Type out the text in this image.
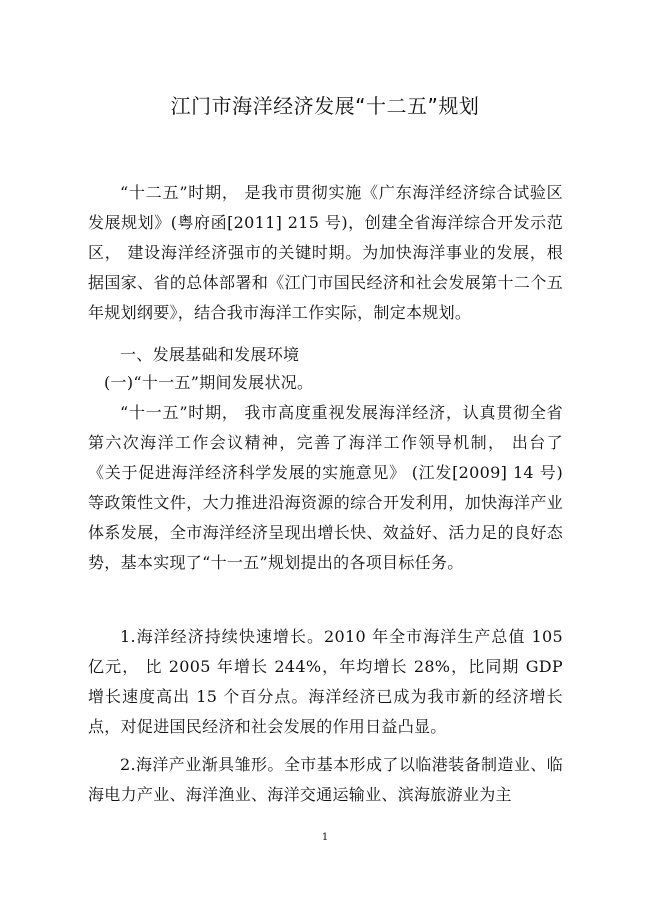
江门市海洋经济发展“十二五”规划
“十二五”时期， 是我市贯彻实施《广东海洋经济综合试验区发展规划》(粤府函[2011] 215 号)，创建全省海洋综合开发示范区， 建设海洋经济强市的关键时期。为加快海洋事业的发展，根据国家、省的总体部署和《江门市国民经济和社会发展第十二个五年规划纲要》，结合我市海洋工作实际，制定本规划。
一、发展基础和发展环境
(一)“十一五”期间发展状况。
“十一五”时期， 我市高度重视发展海洋经济，认真贯彻全省第六次海洋工作会议精神，完善了海洋工作领导机制， 出台了《关于促进海洋经济科学发展的实施意见》 (江发[2009] 14 号)等政策性文件，大力推进沿海资源的综合开发利用，加快海洋产业体系发展，全市海洋经济呈现出增长快、效益好、活力足的良好态势，基本实现了“十一五”规划提出的各项目标任务。
1.海洋经济持续快速增长。2010 年全市海洋生产总值 105 亿元， 比 2005 年增长 244%，年均增长 28%，比同期 GDP 增长速度高出 15 个百分点。海洋经济已成为我市新的经济增长点，对促进国民经济和社会发展的作用日益凸显。
2.海洋产业渐具雏形。全市基本形成了以临港装备制造业、临海电力产业、海洋渔业、海洋交通运输业、滨海旅游业为主
1
